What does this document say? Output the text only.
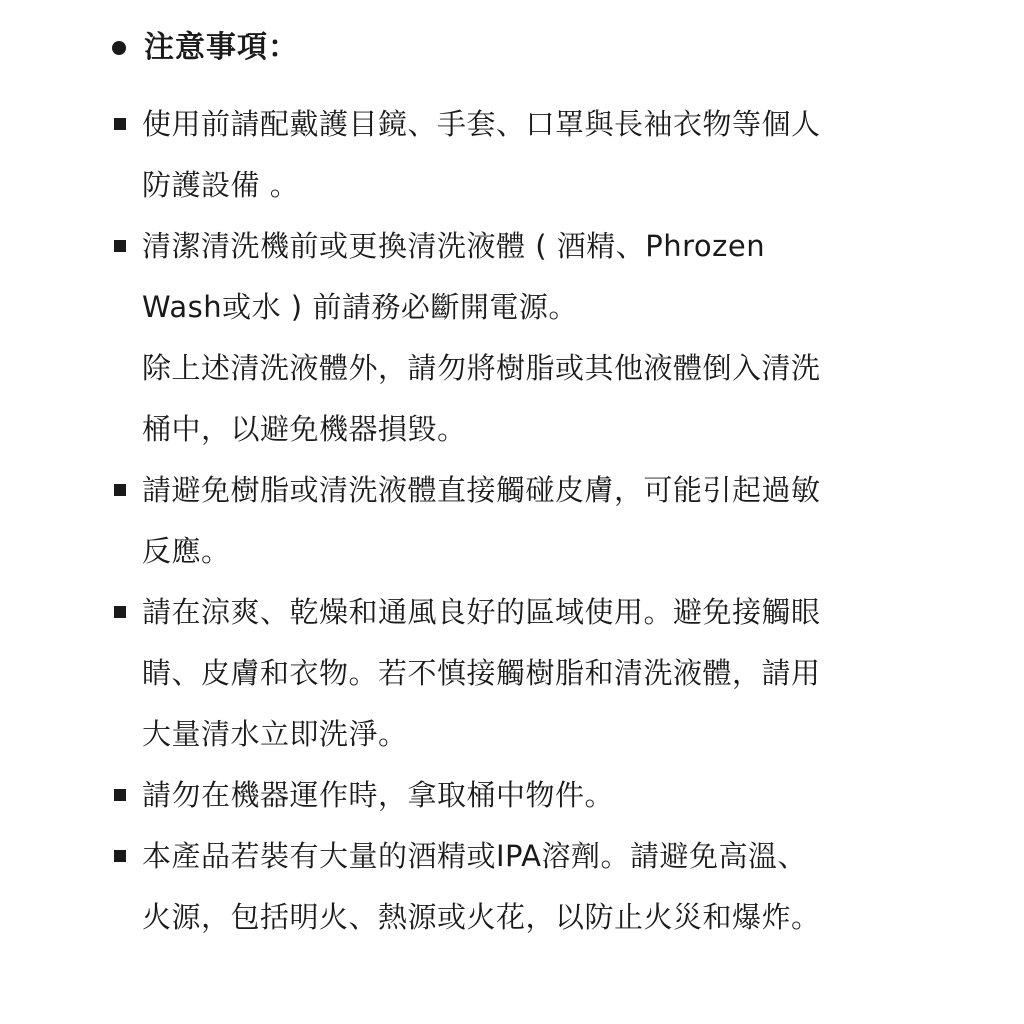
注意事項：
使用前請配戴護目鏡、手套、口罩與長袖衣物等個人
防護設備 。
清潔清洗機前或更換清洗液體 ( 酒精、Phrozen
Wash或水 ) 前請務必斷開電源。
除上述清洗液體外，請勿將樹脂或其他液體倒入清洗
桶中，以避免機器損毀。
請避免樹脂或清洗液體直接觸碰皮膚，可能引起過敏
反應。
請在涼爽、乾燥和通風良好的區域使用。避免接觸眼
睛、皮膚和衣物。若不慎接觸樹脂和清洗液體，請用
大量清水立即洗淨。
請勿在機器運作時，拿取桶中物件。
本產品若裝有大量的酒精或IPA溶劑。請避免高溫、
火源，包括明火、熱源或火花，以防止火災和爆炸。
